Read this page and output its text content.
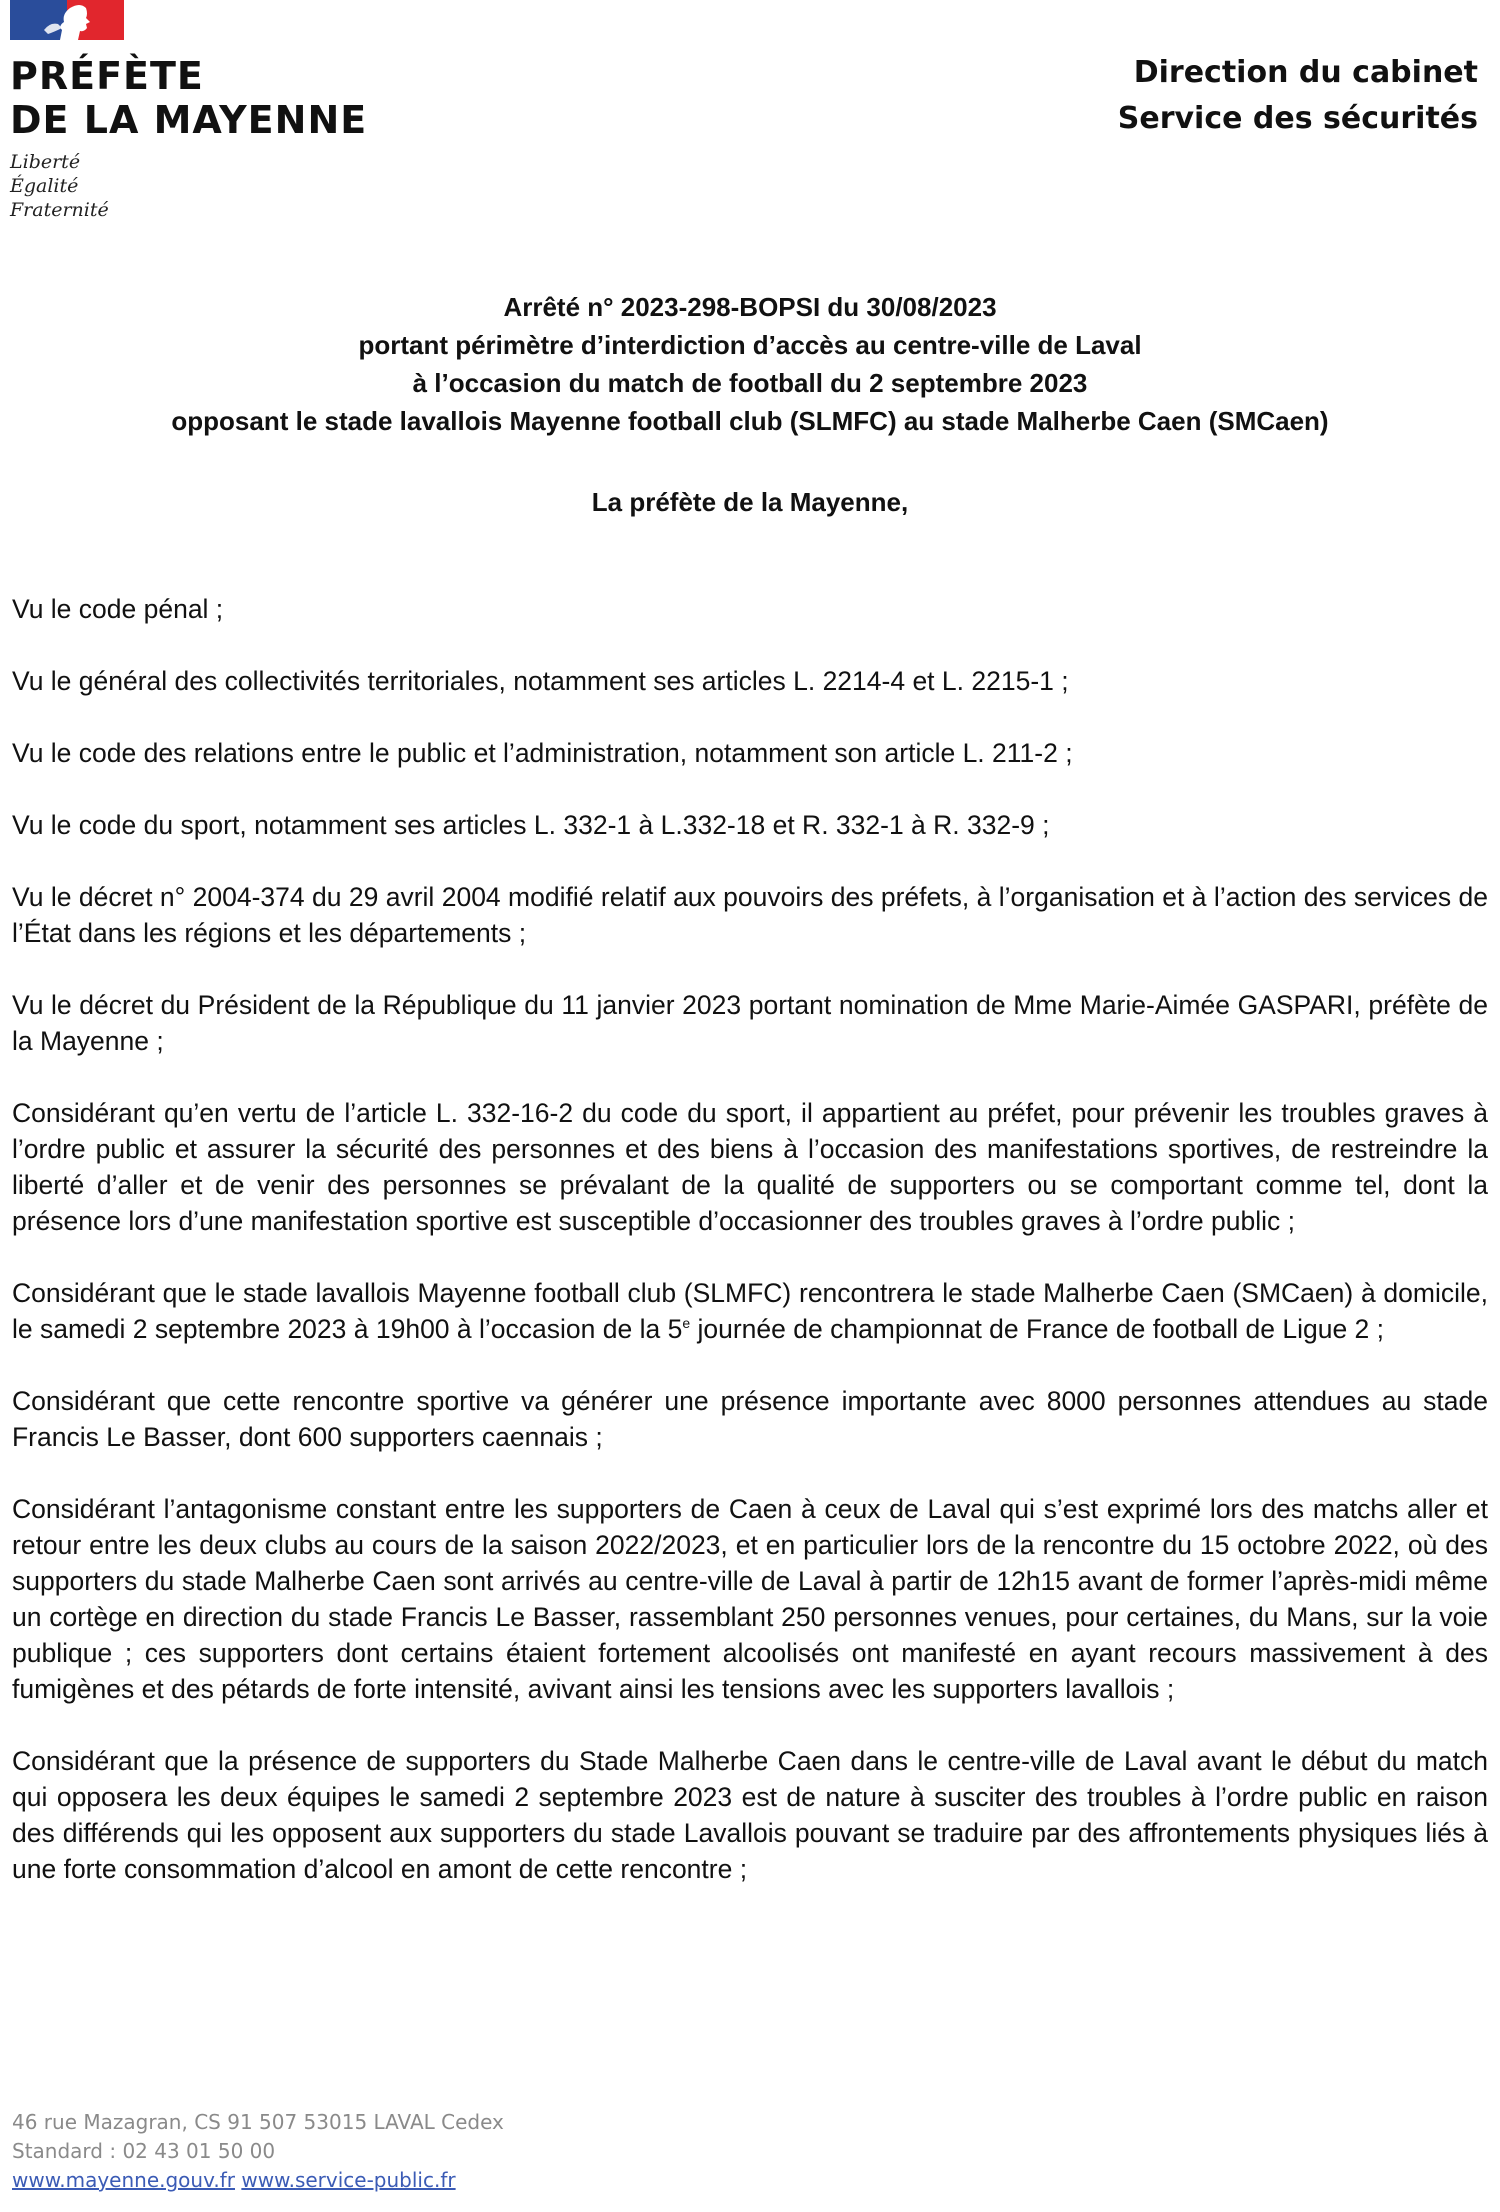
PRÉFÈTE
DE LA MAYENNE
Liberté
Égalité
Fraternité
Direction du cabinet
Service des sécurités
Arrêté n° 2023-298-BOPSI du 30/08/2023
portant périmètre d’interdiction d’accès au centre-ville de Laval
à l’occasion du match de football du 2 septembre 2023
opposant le stade lavallois Mayenne football club (SLMFC) au stade Malherbe Caen (SMCaen)
La préfète de la Mayenne,

Vu le code pénal ;

Vu le général des collectivités territoriales, notamment ses articles L. 2214-4 et L. 2215-1 ;

Vu le code des relations entre le public et l’administration, notamment son article L. 211-2 ;

Vu le code du sport, notamment ses articles L. 332-1 à L.332-18 et R. 332-1 à R. 332-9 ;

Vu le décret n° 2004-374 du 29 avril 2004 modifié relatif aux pouvoirs des préfets, à l’organisation et à l’action des services de l’État dans les régions et les départements ;

Vu le décret du Président de la République du 11 janvier 2023 portant nomination de Mme Marie-Aimée GASPARI, préfète de la Mayenne ;

Considérant qu’en vertu de l’article L. 332-16-2 du code du sport, il appartient au préfet, pour prévenir les troubles graves à l’ordre public et assurer la sécurité des personnes et des biens à l’occasion des manifestations sportives, de restreindre la liberté d’aller et de venir des personnes se prévalant de la qualité de supporters ou se comportant comme tel, dont la présence lors d’une manifestation sportive est susceptible d’occasionner des troubles graves à l’ordre public ;

Considérant que le stade lavallois Mayenne football club (SLMFC) rencontrera le stade Malherbe Caen (SMCaen) à domicile, le samedi 2 septembre 2023 à 19h00 à l’occasion de la 5e journée de championnat de France de football de Ligue 2 ;

Considérant que cette rencontre sportive va générer une présence importante avec 8000 personnes attendues au stade Francis Le Basser, dont 600 supporters caennais ;

Considérant l’antagonisme constant entre les supporters de Caen à ceux de Laval qui s’est exprimé lors des matchs aller et retour entre les deux clubs au cours de la saison 2022/2023, et en particulier lors de la rencontre du 15 octobre 2022, où des supporters du stade Malherbe Caen sont arrivés au centre-ville de Laval à partir de 12h15 avant de former l’après-midi même un cortège en direction du stade Francis Le Basser, rassemblant 250 personnes venues, pour certaines, du Mans, sur la voie publique ; ces supporters dont certains étaient fortement alcoolisés ont manifesté en ayant recours massivement à des fumigènes et des pétards de forte intensité, avivant ainsi les tensions avec les supporters lavallois ;

Considérant que la présence de supporters du Stade Malherbe Caen dans le centre-ville de Laval avant le début du match qui opposera les deux équipes le samedi 2 septembre 2023 est de nature à susciter des troubles à l’ordre public en raison des différends qui les opposent aux supporters du stade Lavallois pouvant se traduire par des affrontements physiques liés à une forte consommation d’alcool en amont de cette rencontre ;

46 rue Mazagran, CS 91 507 53015 LAVAL Cedex
Standard : 02 43 01 50 00
www.mayenne.gouv.fr www.service-public.fr
